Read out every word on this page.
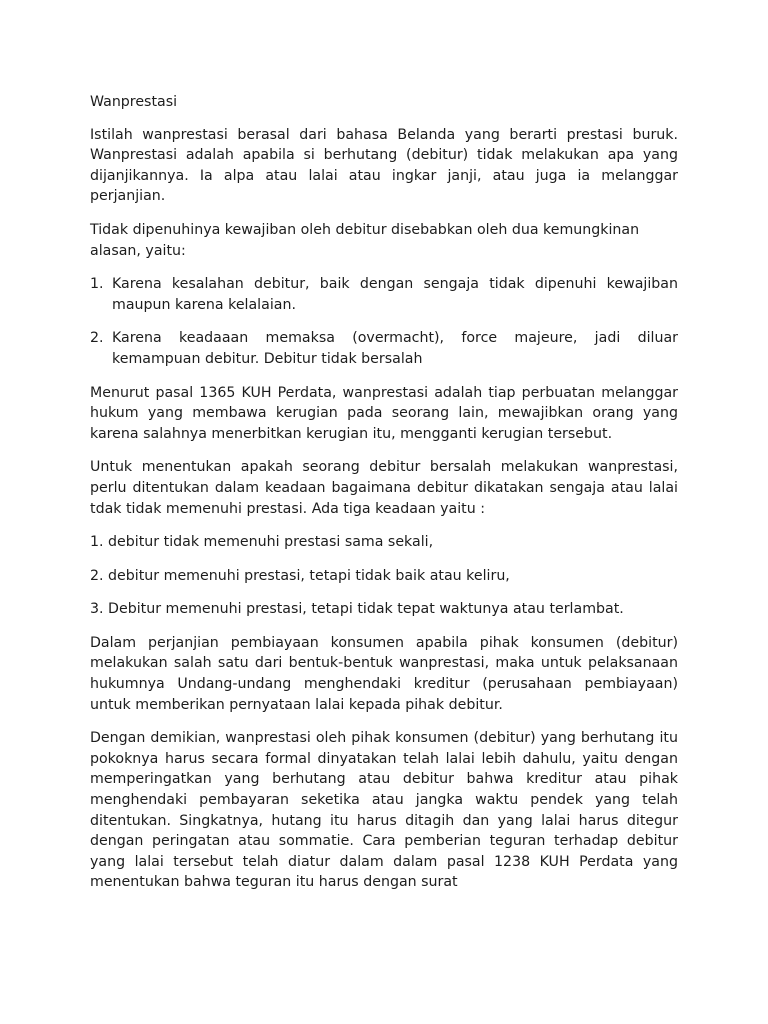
Wanprestasi

Istilah wanprestasi berasal dari bahasa Belanda yang berarti prestasi buruk. Wanprestasi adalah apabila si berhutang (debitur) tidak melakukan apa yang dijanjikannya. Ia alpa atau lalai atau ingkar janji, atau juga ia melanggar perjanjian.

Tidak dipenuhinya kewajiban oleh debitur disebabkan oleh dua kemungkinan alasan, yaitu:

1. Karena kesalahan debitur, baik dengan sengaja tidak dipenuhi kewajiban maupun karena kelalaian.
2. Karena keadaaan memaksa (overmacht), force majeure, jadi diluar kemampuan debitur. Debitur tidak bersalah

Menurut pasal 1365 KUH Perdata, wanprestasi adalah tiap perbuatan melanggar hukum yang membawa kerugian pada seorang lain, mewajibkan orang yang karena salahnya menerbitkan kerugian itu, mengganti kerugian tersebut.

Untuk menentukan apakah seorang debitur bersalah melakukan wanprestasi, perlu ditentukan dalam keadaan bagaimana debitur dikatakan sengaja atau lalai tdak tidak memenuhi prestasi. Ada tiga keadaan yaitu :

1. debitur tidak memenuhi prestasi sama sekali,
2. debitur memenuhi prestasi, tetapi tidak baik atau keliru,
3. Debitur memenuhi prestasi, tetapi tidak tepat waktunya atau terlambat.

Dalam perjanjian pembiayaan konsumen apabila pihak konsumen (debitur) melakukan salah satu dari bentuk-bentuk wanprestasi, maka untuk pelaksanaan hukumnya Undang-undang menghendaki kreditur (perusahaan pembiayaan) untuk memberikan pernyataan lalai kepada pihak debitur.

Dengan demikian, wanprestasi oleh pihak konsumen (debitur) yang berhutang itu pokoknya harus secara formal dinyatakan telah lalai lebih dahulu, yaitu dengan memperingatkan yang berhutang atau debitur bahwa kreditur atau pihak menghendaki pembayaran seketika atau jangka waktu pendek yang telah ditentukan. Singkatnya, hutang itu harus ditagih dan yang lalai harus ditegur dengan peringatan atau sommatie. Cara pemberian teguran terhadap debitur yang lalai tersebut telah diatur dalam dalam pasal 1238 KUH Perdata yang menentukan bahwa teguran itu harus dengan surat
